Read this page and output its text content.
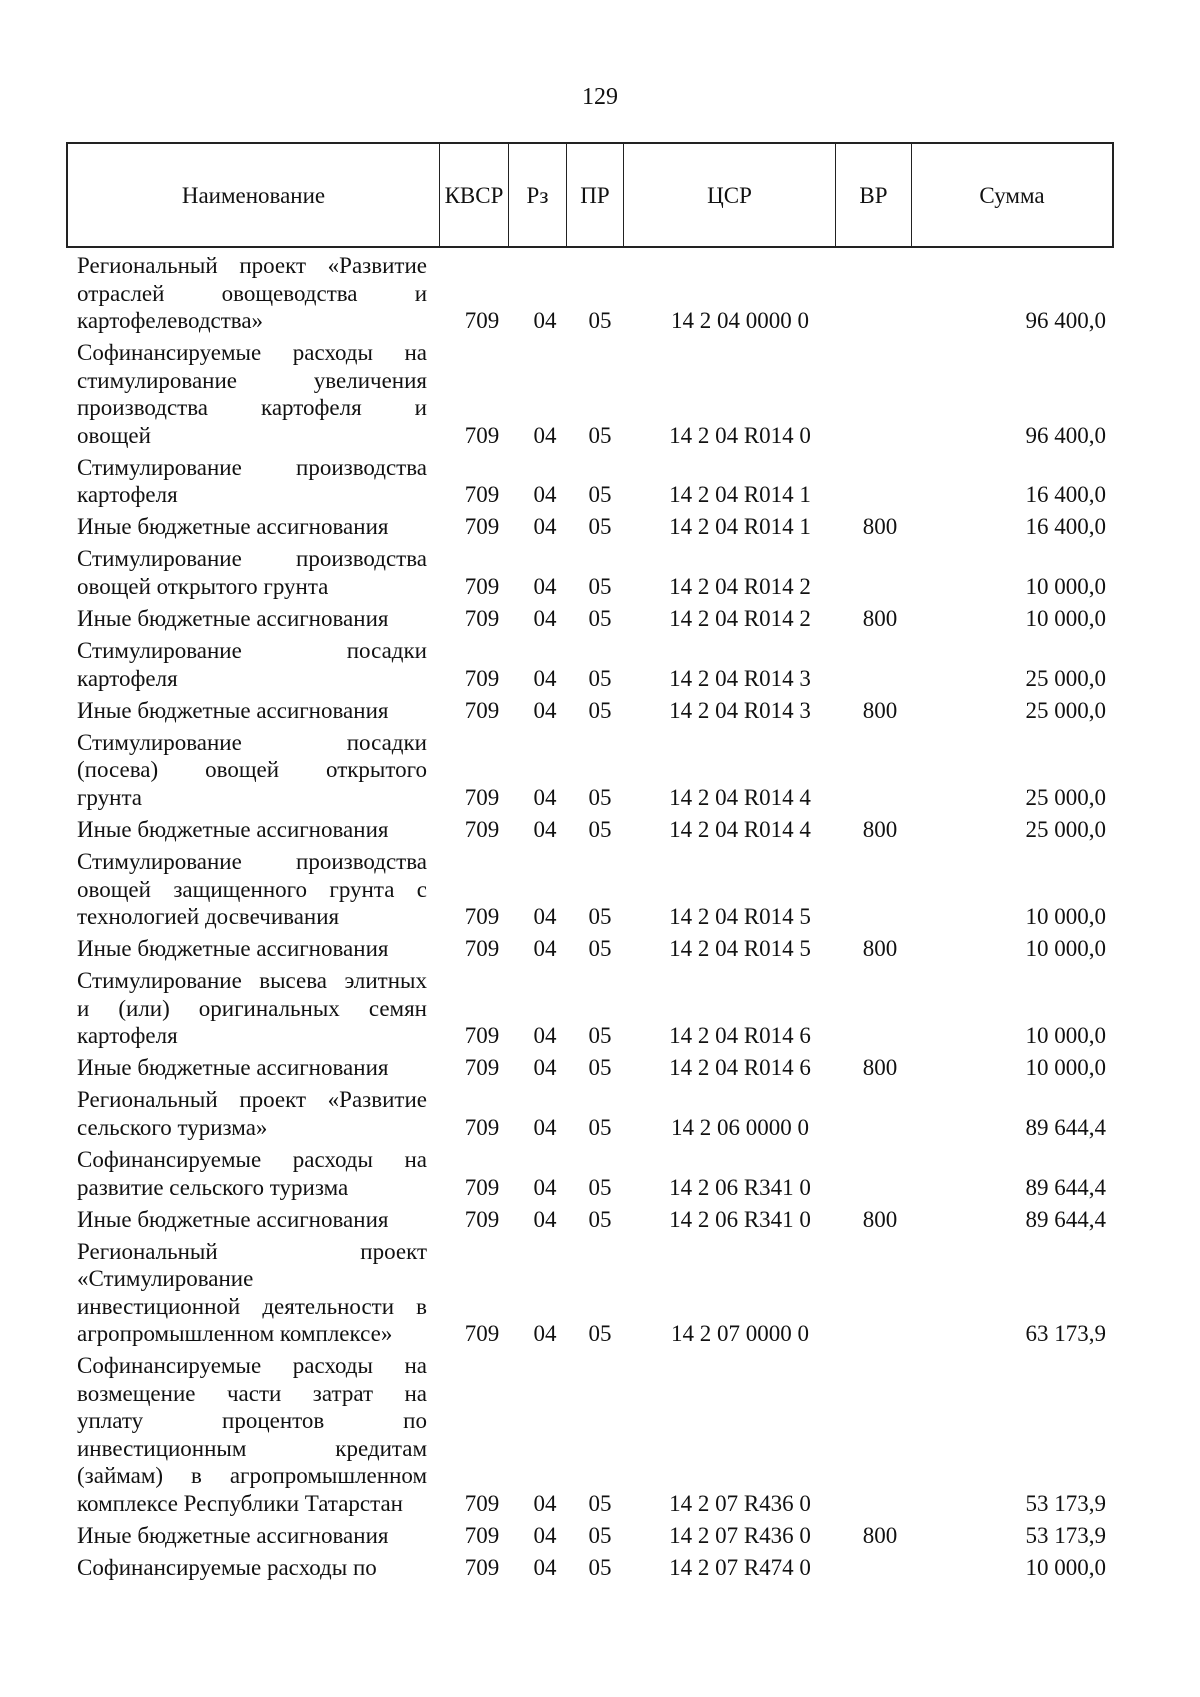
129
Наименование	КВСР	Рз	ПР	ЦСР	ВР	Сумма
Региональный проект «Развитие
отраслей овощеводства и
картофелеводства»	709	04	05	14 2 04 0000 0	96 400,0
Софинансируемые расходы на
стимулирование увеличения
производства картофеля и
овощей	709	04	05	14 2 04 R014 0	96 400,0
Стимулирование производства
картофеля	709	04	05	14 2 04 R014 1	16 400,0
Иные бюджетные ассигнования	709	04	05	14 2 04 R014 1	800	16 400,0
Стимулирование производства
овощей открытого грунта	709	04	05	14 2 04 R014 2	10 000,0
Иные бюджетные ассигнования	709	04	05	14 2 04 R014 2	800	10 000,0
Стимулирование посадки
картофеля	709	04	05	14 2 04 R014 3	25 000,0
Иные бюджетные ассигнования	709	04	05	14 2 04 R014 3	800	25 000,0
Стимулирование посадки
(посева) овощей открытого
грунта	709	04	05	14 2 04 R014 4	25 000,0
Иные бюджетные ассигнования	709	04	05	14 2 04 R014 4	800	25 000,0
Стимулирование производства
овощей защищенного грунта с
технологией досвечивания	709	04	05	14 2 04 R014 5	10 000,0
Иные бюджетные ассигнования	709	04	05	14 2 04 R014 5	800	10 000,0
Стимулирование высева элитных
и (или) оригинальных семян
картофеля	709	04	05	14 2 04 R014 6	10 000,0
Иные бюджетные ассигнования	709	04	05	14 2 04 R014 6	800	10 000,0
Региональный проект «Развитие
сельского туризма»	709	04	05	14 2 06 0000 0	89 644,4
Софинансируемые расходы на
развитие сельского туризма	709	04	05	14 2 06 R341 0	89 644,4
Иные бюджетные ассигнования	709	04	05	14 2 06 R341 0	800	89 644,4
Региональный проект
«Стимулирование
инвестиционной деятельности в
агропромышленном комплексе»	709	04	05	14 2 07 0000 0	63 173,9
Софинансируемые расходы на
возмещение части затрат на
уплату процентов по
инвестиционным кредитам
(займам) в агропромышленном
комплексе Республики Татарстан	709	04	05	14 2 07 R436 0	53 173,9
Иные бюджетные ассигнования	709	04	05	14 2 07 R436 0	800	53 173,9
Софинансируемые расходы по	709	04	05	14 2 07 R474 0	10 000,0
